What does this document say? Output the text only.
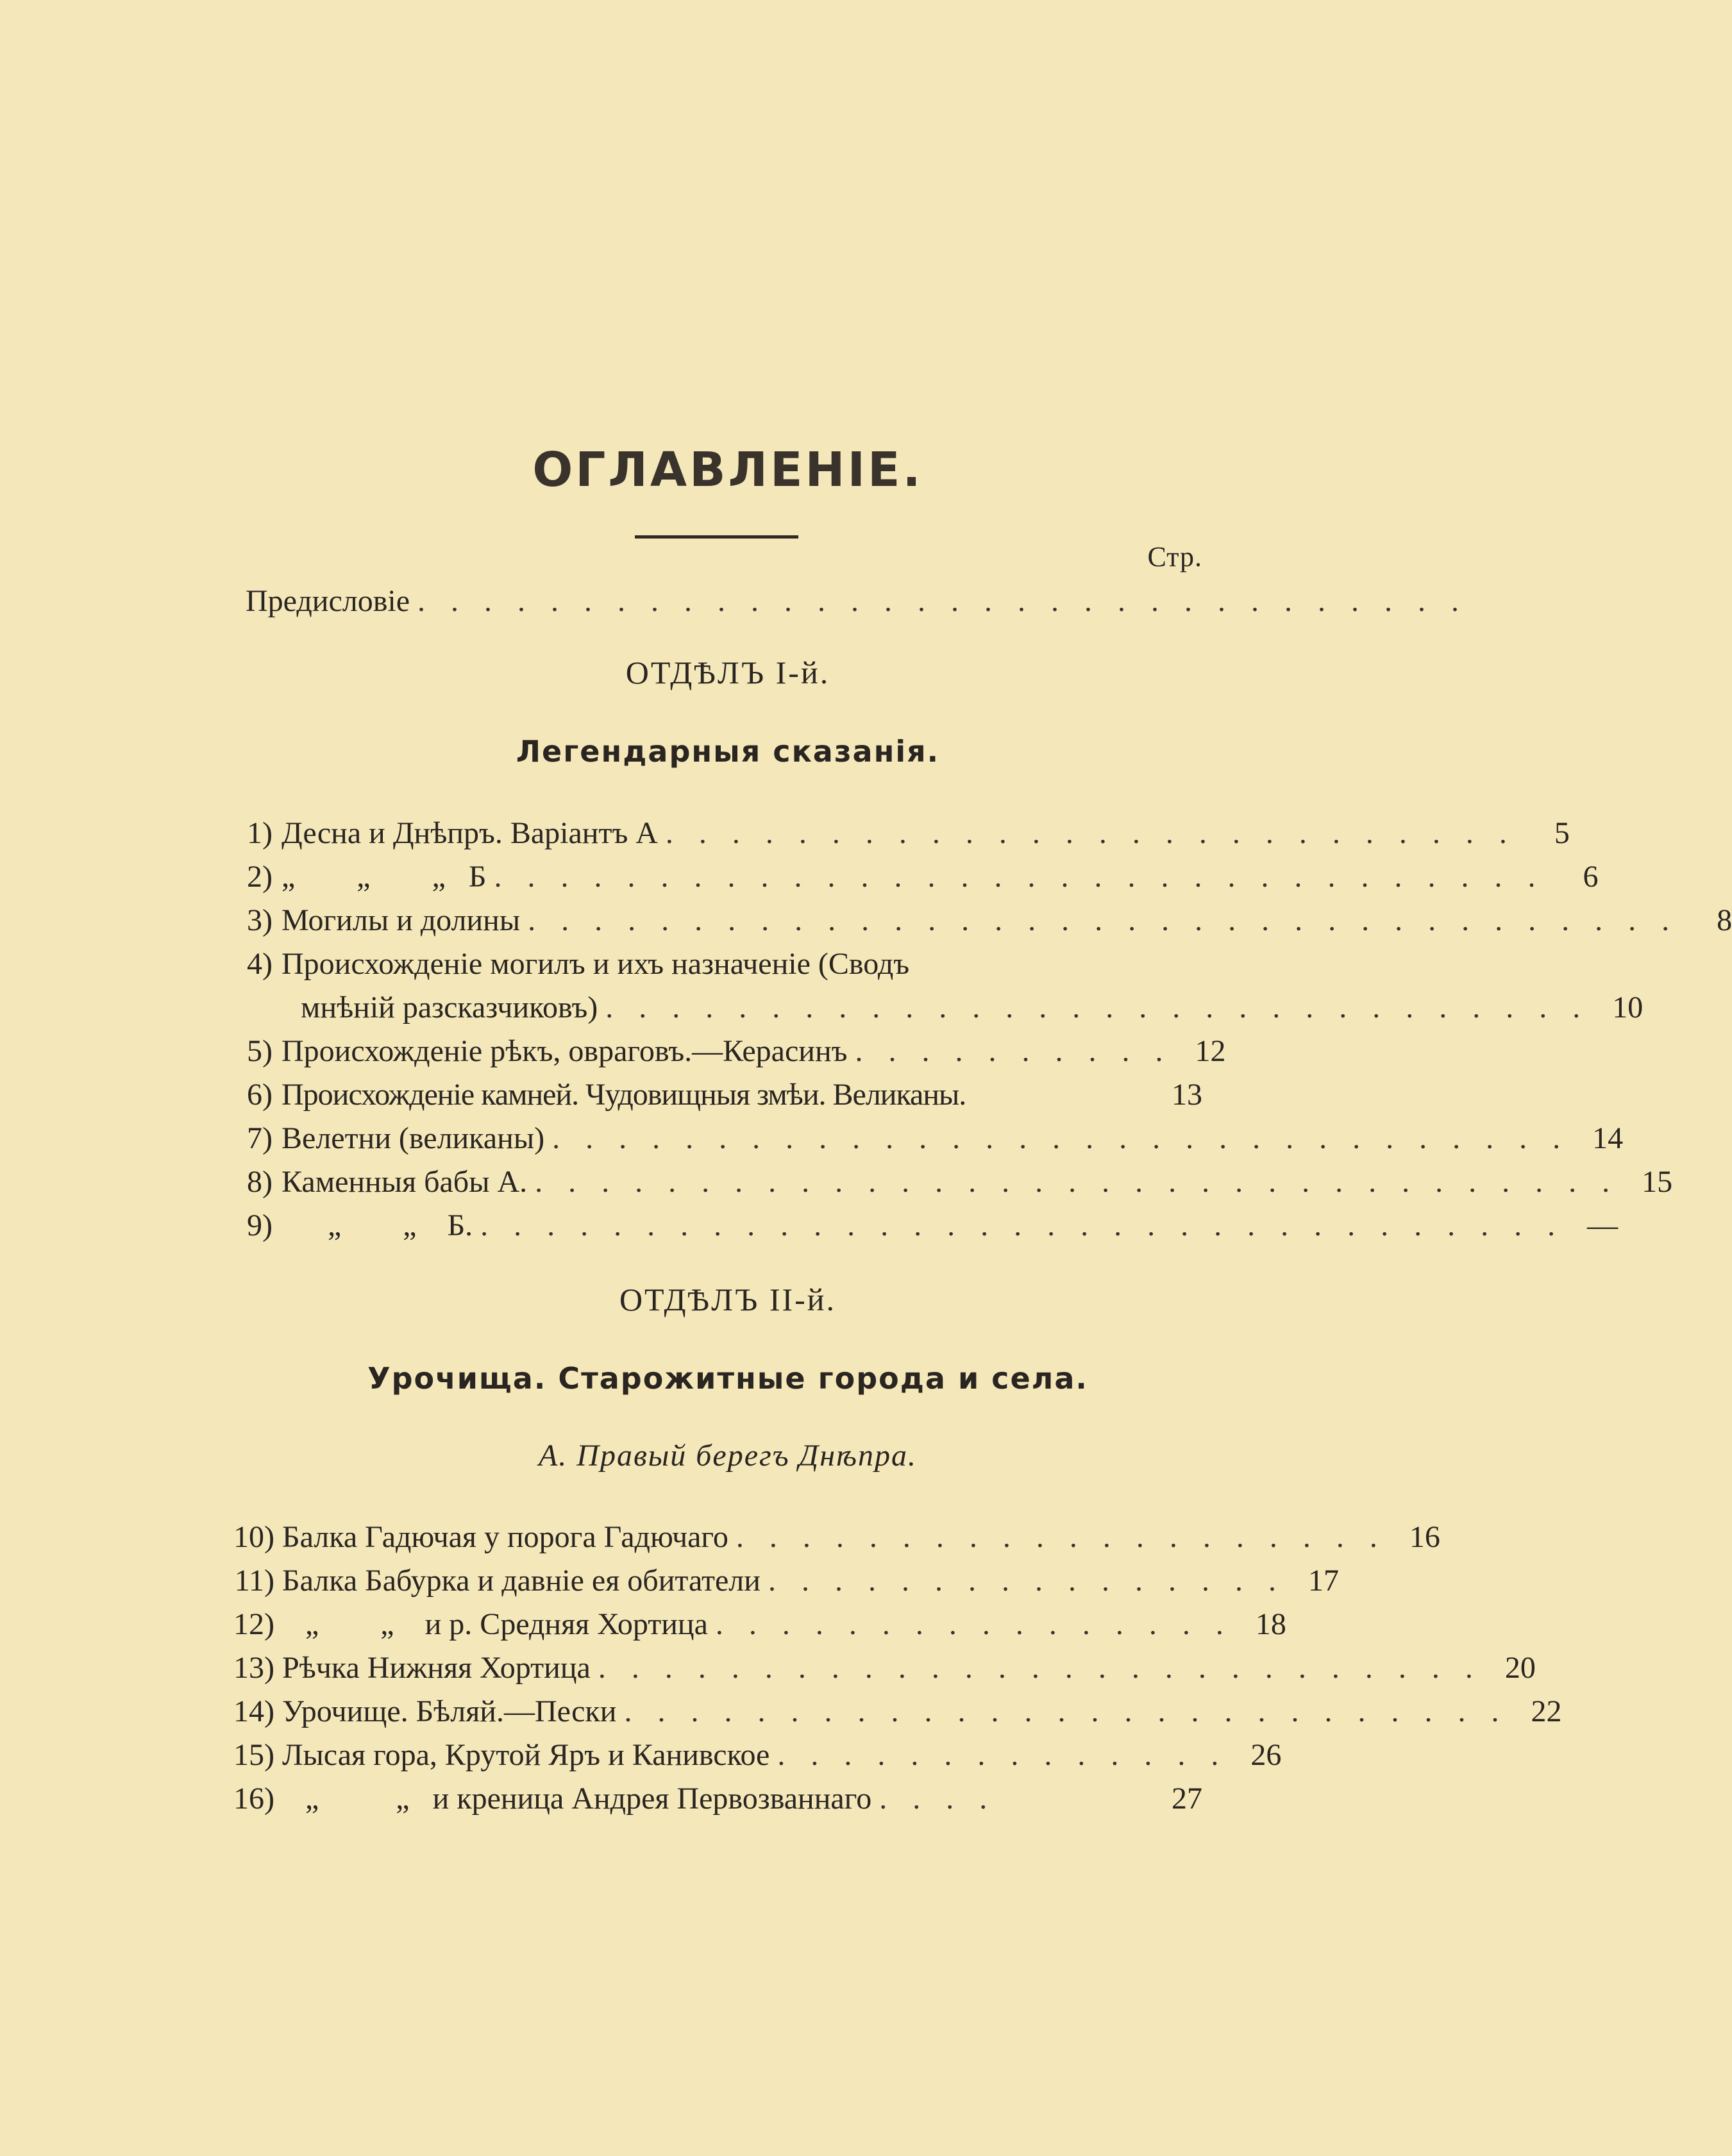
ОГЛАВЛЕНІЕ.
Стр.
Предисловіе . . . . . . . . . . . . . . . . . . . . . . . . . . . . . . . .
ОТДѢЛЪ І-й.
Легендарныя сказанія.
1) Десна и Днѣпръ. Варіантъ А . . . . . . . . . . . . . . . . . . . . . . . . . .	5
2) „        „        „   Б . . . . . . . . . . . . . . . . . . . . . . . . . . . . . . . .	6
3) Могилы и долины . . . . . . . . . . . . . . . . . . . . . . . . . . . . . . . . . . .	8
4) Происхожденіе могилъ и ихъ назначеніе (Сводъ
мнѣній разсказчиковъ) . . . . . . . . . . . . . . . . . . . . . . . . . . . . . . 10
5) Происхожденіе рѣкъ, овраговъ.—Керасинъ . . . . . . . . . . 12
6) Происхожденіе камней. Чудовищныя змѣи. Великаны.	13
7) Велетни (великаны) . . . . . . . . . . . . . . . . . . . . . . . . . . . . . . . 14
8) Каменныя бабы А. . . . . . . . . . . . . . . . . . . . . . . . . . . . . . . . . . 15
9) „        „    Б. . . . . . . . . . . . . . . . . . . . . . . . . . . . . . . . . . —
ОТДѢЛЪ ІІ-й.
Урочища. Старожитные города и села.
А. Правый берегъ Днѣпра.
10) Балка Гадючая у порога Гадючаго . . . . . . . . . . . . . . . . . . . . 16
11) Балка Бабурка и давніе ея обитатели . . . . . . . . . . . . . . . . 17
12) „        „    и р. Средняя Хортица . . . . . . . . . . . . . . . . 18
13) Рѣчка Нижняя Хортица . . . . . . . . . . . . . . . . . . . . . . . . . . . 20
14) Урочище. Бѣляй.—Пески . . . . . . . . . . . . . . . . . . . . . . . . . . . 22
15) Лысая гора, Крутой Яръ и Канивское . . . . . . . . . . . . . . 26
16) „          „   и креница Андрея Первозваннаго . . . .	27
